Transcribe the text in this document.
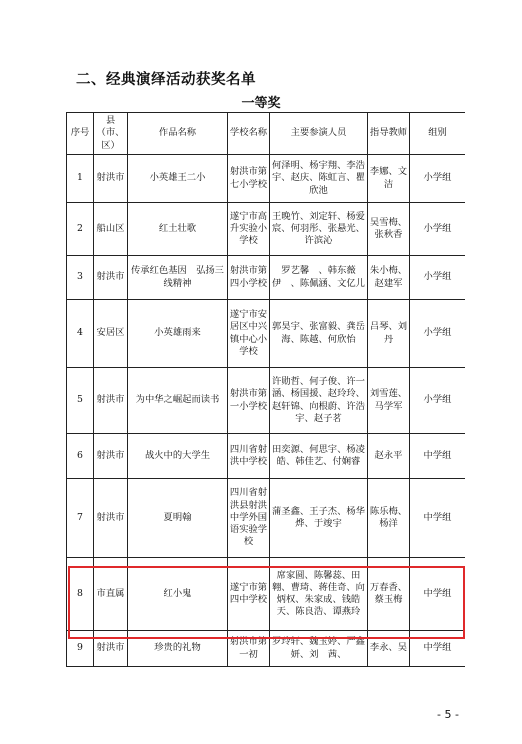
二、经典演绎活动获奖名单
一等奖
序号	县（市、区）	作品名称	学校名称	主要参演人员	指导教师	组别
1	射洪市	小英雄王二小	射洪市第七小学校	何泽明、杨宇翔、李浩宇、赵庆、陈虹言、瞿欣池	李娜、文洁	小学组
2	船山区	红土壮歌	遂宁市高升实验小学校	王晚竹、刘定轩、杨爱宸、何羽彤、张悬光、许滨沁	吴雪梅、张秋香	小学组
3	射洪市	传承红色基因　弘扬三线精神	射洪市第四小学校	罗艺馨　、韩东薇伊　、陈佩涵、文亿儿	朱小梅、赵建军	小学组
4	安居区	小英雄雨来	遂宁市安居区中兴镇中心小学校	郭昊宇、张富毅、龚岳海、陈越、何欣怡	吕琴、刘丹	小学组
5	射洪市	为中华之崛起而读书	射洪市第一小学校	许勋哲、何子俊、许一涵、杨国援、赵玲玲、赵轩锦、向根蔚、许浩宇、赵子茗	刘雪莲、马学军	小学组
6	射洪市	战火中的大学生	四川省射洪中学校	田奕源、何思宇、杨凌皓、韩佳艺、付娴睿	赵永平	中学组
7	射洪市	夏明翰	四川省射洪县射洪中学外国语实验学校	蒲圣鑫、王子杰、杨华烨、于竣宇	陈乐梅、杨洋	中学组
8	市直属	红小鬼	遂宁市第四中学校	席家圆、陈馨蕊、田翱、曹琦、蒋佳奇、向炳权、朱家成、钱皓天、陈良浩、谭燕玲	万春香、蔡玉梅	中学组
9	射洪市	珍贵的礼物	射洪市第一初	罗玲轩、魏玉婷、严鑫妍、刘　茜、	李永、吴	中学组
- 5 -
